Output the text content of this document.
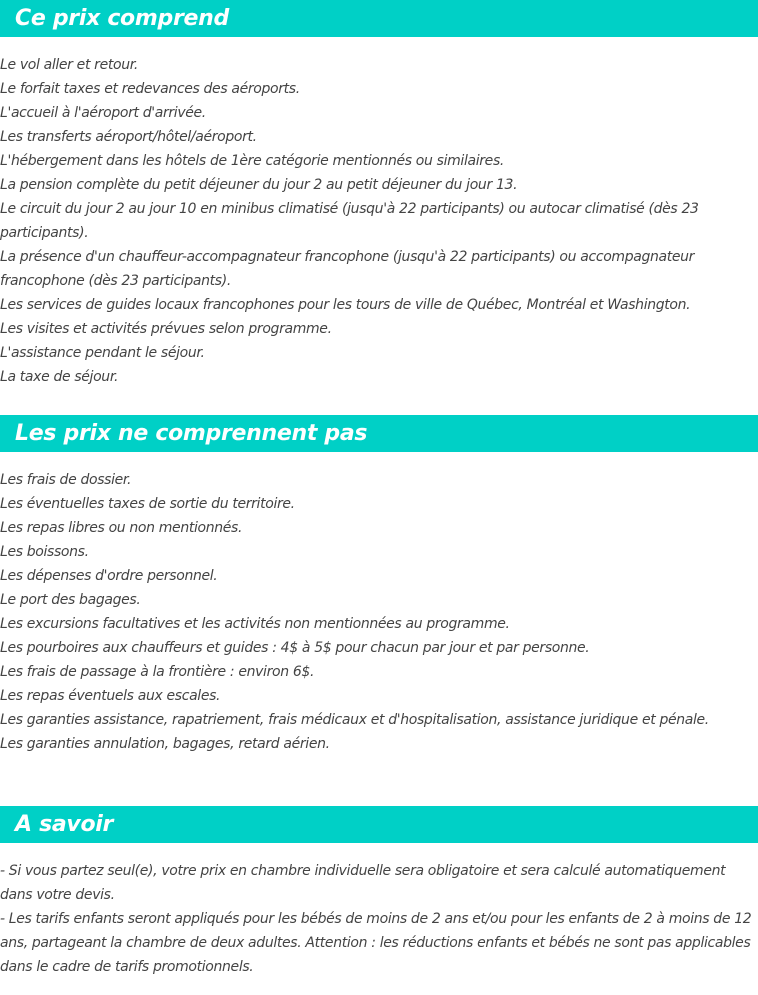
Ce prix comprend
Le vol aller et retour.
Le forfait taxes et redevances des aéroports.
L'accueil à l'aéroport d'arrivée.
Les transferts aéroport/hôtel/aéroport.
L'hébergement dans les hôtels de 1ère catégorie mentionnés ou similaires.
La pension complète du petit déjeuner du jour 2 au petit déjeuner du jour 13.
Le circuit du jour 2 au jour 10 en minibus climatisé (jusqu'à 22 participants) ou autocar climatisé (dès 23 participants).
La présence d'un chauffeur-accompagnateur francophone (jusqu'à 22 participants) ou accompagnateur francophone (dès 23 participants).
Les services de guides locaux francophones pour les tours de ville de Québec, Montréal et Washington.
Les visites et activités prévues selon programme.
L'assistance pendant le séjour.
La taxe de séjour.
Les prix ne comprennent pas
Les frais de dossier.
Les éventuelles taxes de sortie du territoire.
Les repas libres ou non mentionnés.
Les boissons.
Les dépenses d'ordre personnel.
Le port des bagages.
Les excursions facultatives et les activités non mentionnées au programme.
Les pourboires aux chauffeurs et guides : 4$ à 5$ pour chacun par jour et par personne.
Les frais de passage à la frontière : environ 6$.
Les repas éventuels aux escales.
Les garanties assistance, rapatriement, frais médicaux et d'hospitalisation, assistance juridique et pénale.
Les garanties annulation, bagages, retard aérien.
A savoir
- Si vous partez seul(e), votre prix en chambre individuelle sera obligatoire et sera calculé automatiquement dans votre devis.
- Les tarifs enfants seront appliqués pour les bébés de moins de 2 ans et/ou pour les enfants de 2 à moins de 12 ans, partageant la chambre de deux adultes. Attention : les réductions enfants et bébés ne sont pas applicables dans le cadre de tarifs promotionnels.
